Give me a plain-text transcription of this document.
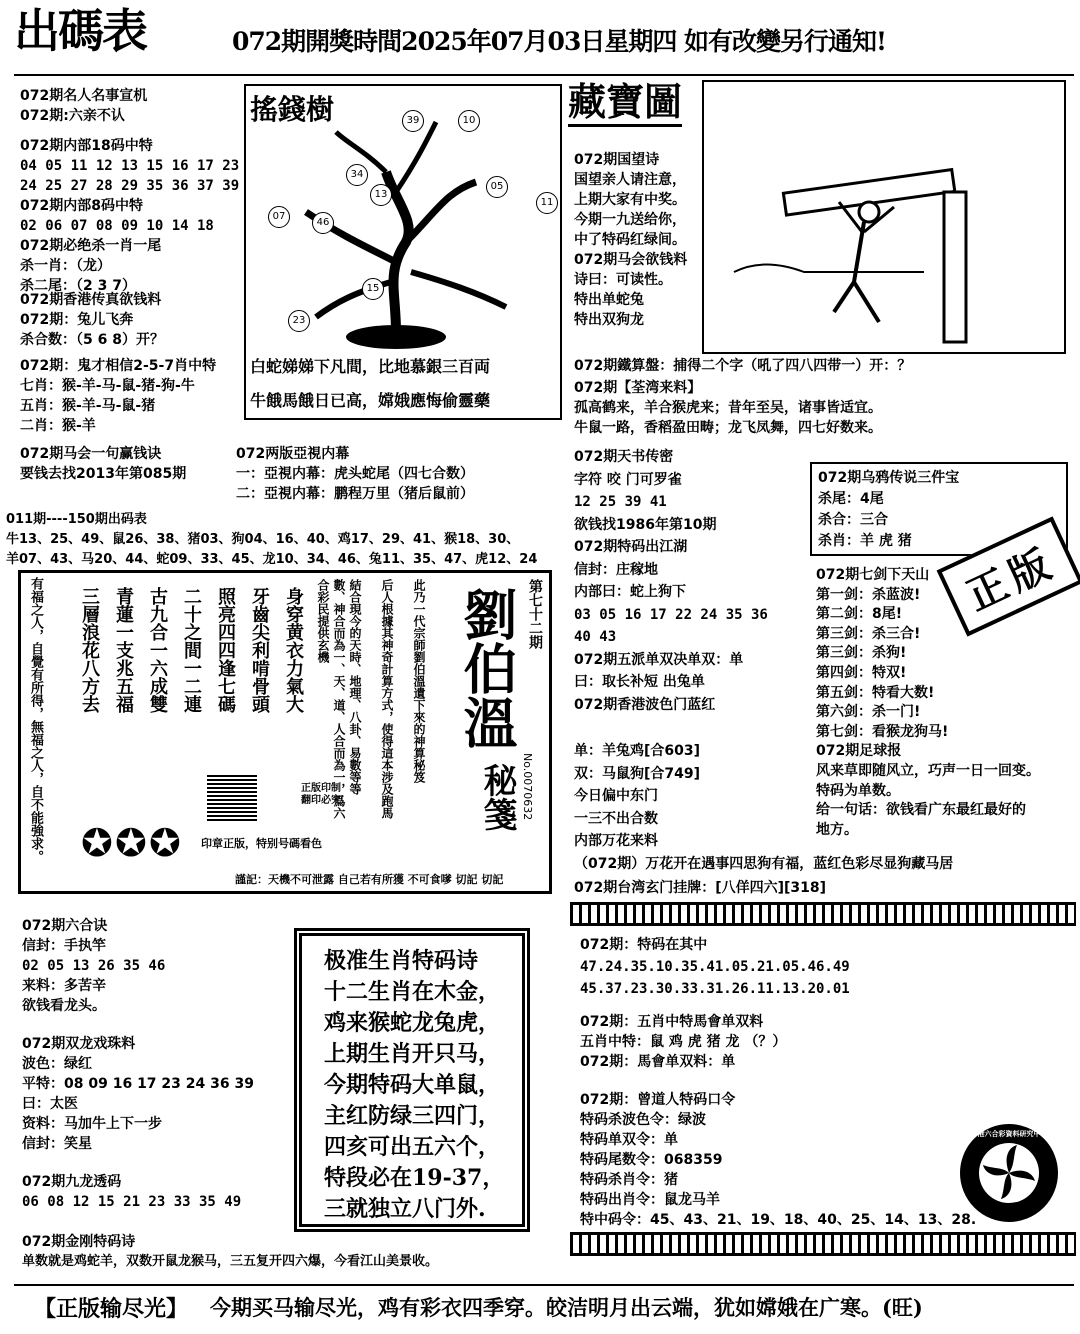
出碼表	072期開獎時間2025年07月03日星期四 如有改變另行通知!
072期名人名事宣机
072期:六亲不认
072期内部18码中特
04 05 11 12 13 15 16 17 23
24 25 27 28 29 35 36 37 39
072期内部8码中特
02 06 07 08 09 10 14 18
072期必绝杀一肖一尾
杀一肖：（龙）
杀二尾：（2 3 7）
072期香港传真欲钱料
072期：兔儿飞奔
杀合数：（5 6 8）开？
072期：鬼才相信2-5-7肖中特
七肖：猴-羊-马-鼠-猪-狗-牛
五肖：猴-羊-马-鼠-猪
二肖：猴-羊
072期马会一句赢钱诀
要钱去找2013年第085期
搖錢樹	39	10
34
13
05
11
07
46
15
23
白蛇娣娣下凡間，比地慕銀三百両
牛餓馬餓日已高，嫦娥應悔偷靈藥
072两版亞視内幕
一：亞視内幕：虎头蛇尾（四七合数）
二：亞視内幕：鹏程万里（猪后鼠前）
011期----150期出码表
牛13、25、49、鼠26、38、猪03、狗04、16、40、鸡17、29、41、猴18、30、
羊07、43、马20、44、蛇09、33、45、龙10、34、46、兔11、35、47、虎12、24
有福之人，自覺有所得，無福之人，自不能強求。 三層浪花八方去 青蓮一支兆五福 古九合一六成雙 二十之間一二連 照亮四四逢七碼 牙齒尖利啃骨頭 身穿黄衣力氣大	數、神合而為一、天、道、人合而為一，爲六合彩民提供玄機	結合現今的天時、地理、八卦、易數等等 后人根據其神奇計算方式，使得這本涉及跑馬 此乃一代宗師劉伯溫遺下來的神算秘笈 劉伯溫 第七十二期
秘箋 No.0070632
正版印制 翻印必究
✪ ✪ ✪ 印章正版，特别号碼看色
謹記：天機不可泄露 自己若有所獲 不可食嗲 切記 切記
072期六合诀
信封：手执竿
02 05 13 26 35 46
来料：多苦辛
欲钱看龙头。
072期双龙戏珠料
波色：绿红
平特：08 09 16 17 23 24 36 39
曰：太医
资料：马加牛上下一步
信封：笑星
072期九龙透码
06 08 12 15 21 23 33 35 49
072期金刚特码诗
单数就是鸡蛇羊，双数开鼠龙猴马，三五复开四六爆，今看江山美景收。
极准生肖特码诗
十二生肖在木金，
鸡来猴蛇龙兔虎，
上期生肖开只马，
今期特码大单鼠，
主红防绿三四门，
四亥可出五六个，
特段必在19-37，
三就独立八门外.
藏寶圖
072期国望诗
国望亲人请注意，
上期大家有中奖。
今期一九送给你，
中了特码红绿间。
072期马会欲钱料
诗曰：可读性。
特出单蛇兔
特出双狗龙
072期鐵算盤：捕得二个字（吼了四八四带一）开：？
072期【荃湾来料】
孤高鹤来，羊合猴虎来；昔年至吴，诸事皆适宜。
牛鼠一路，香稻盈田畴；龙飞凤舞，四七好数来。
072期天书传密
字符 咬 门可罗雀
12 25 39 41
欲钱找1986年第10期
072期特码出江湖
信封：庄稼地
内部曰：蛇上狗下
03 05 16 17 22 24 35 36
40 43
072期五派单双决单双：单
曰：取长补短 出兔单
072期香港波色门蓝红
单：羊兔鸡[合603]
双：马鼠狗[合749]
今日偏中东门
一三不出合数
内部万花来料
（072期）万花开在遇事四思狗有福，蓝红色彩尽显狗藏马居
072期台湾玄门挂牌：[八佯四六][318]
072期乌鸦传说三件宝
杀尾：4尾
杀合：三合
杀肖：羊 虎 猪	正版
072期七剑下天山
第一剑：杀蓝波!
第二剑：8尾!
第三剑：杀三合!
第三剑：杀狗!
第四剑：特双!
第五剑：特看大数!
第六剑：杀一门!
第七剑：看猴龙狗马!
072期足球报
风来草即随风立，巧声一日一回变。
特码为单数。
给一句话：欲钱看广东最红最好的
地方。
072期：特码在其中
47.24.35.10.35.41.05.21.05.46.49
45.37.23.30.33.31.26.11.13.20.01
072期：五肖中特馬會单双料
五肖中特：鼠 鸡 虎 猪 龙 （？）
072期：馬會单双料：单
072期：曾道人特码口令
特码杀波色令：绿波
特码单双令：单
特码尾数令：068359
特码杀肖令：猪
特码出肖令：鼠龙马羊
特中码令：45、43、21、19、18、40、25、14、13、28.
香港六合彩資料研究中心
【正版输尽光】 今期买马输尽光，鸡有彩衣四季穿。皎洁明月出云端，犹如嫦娥在广寒。(旺)
